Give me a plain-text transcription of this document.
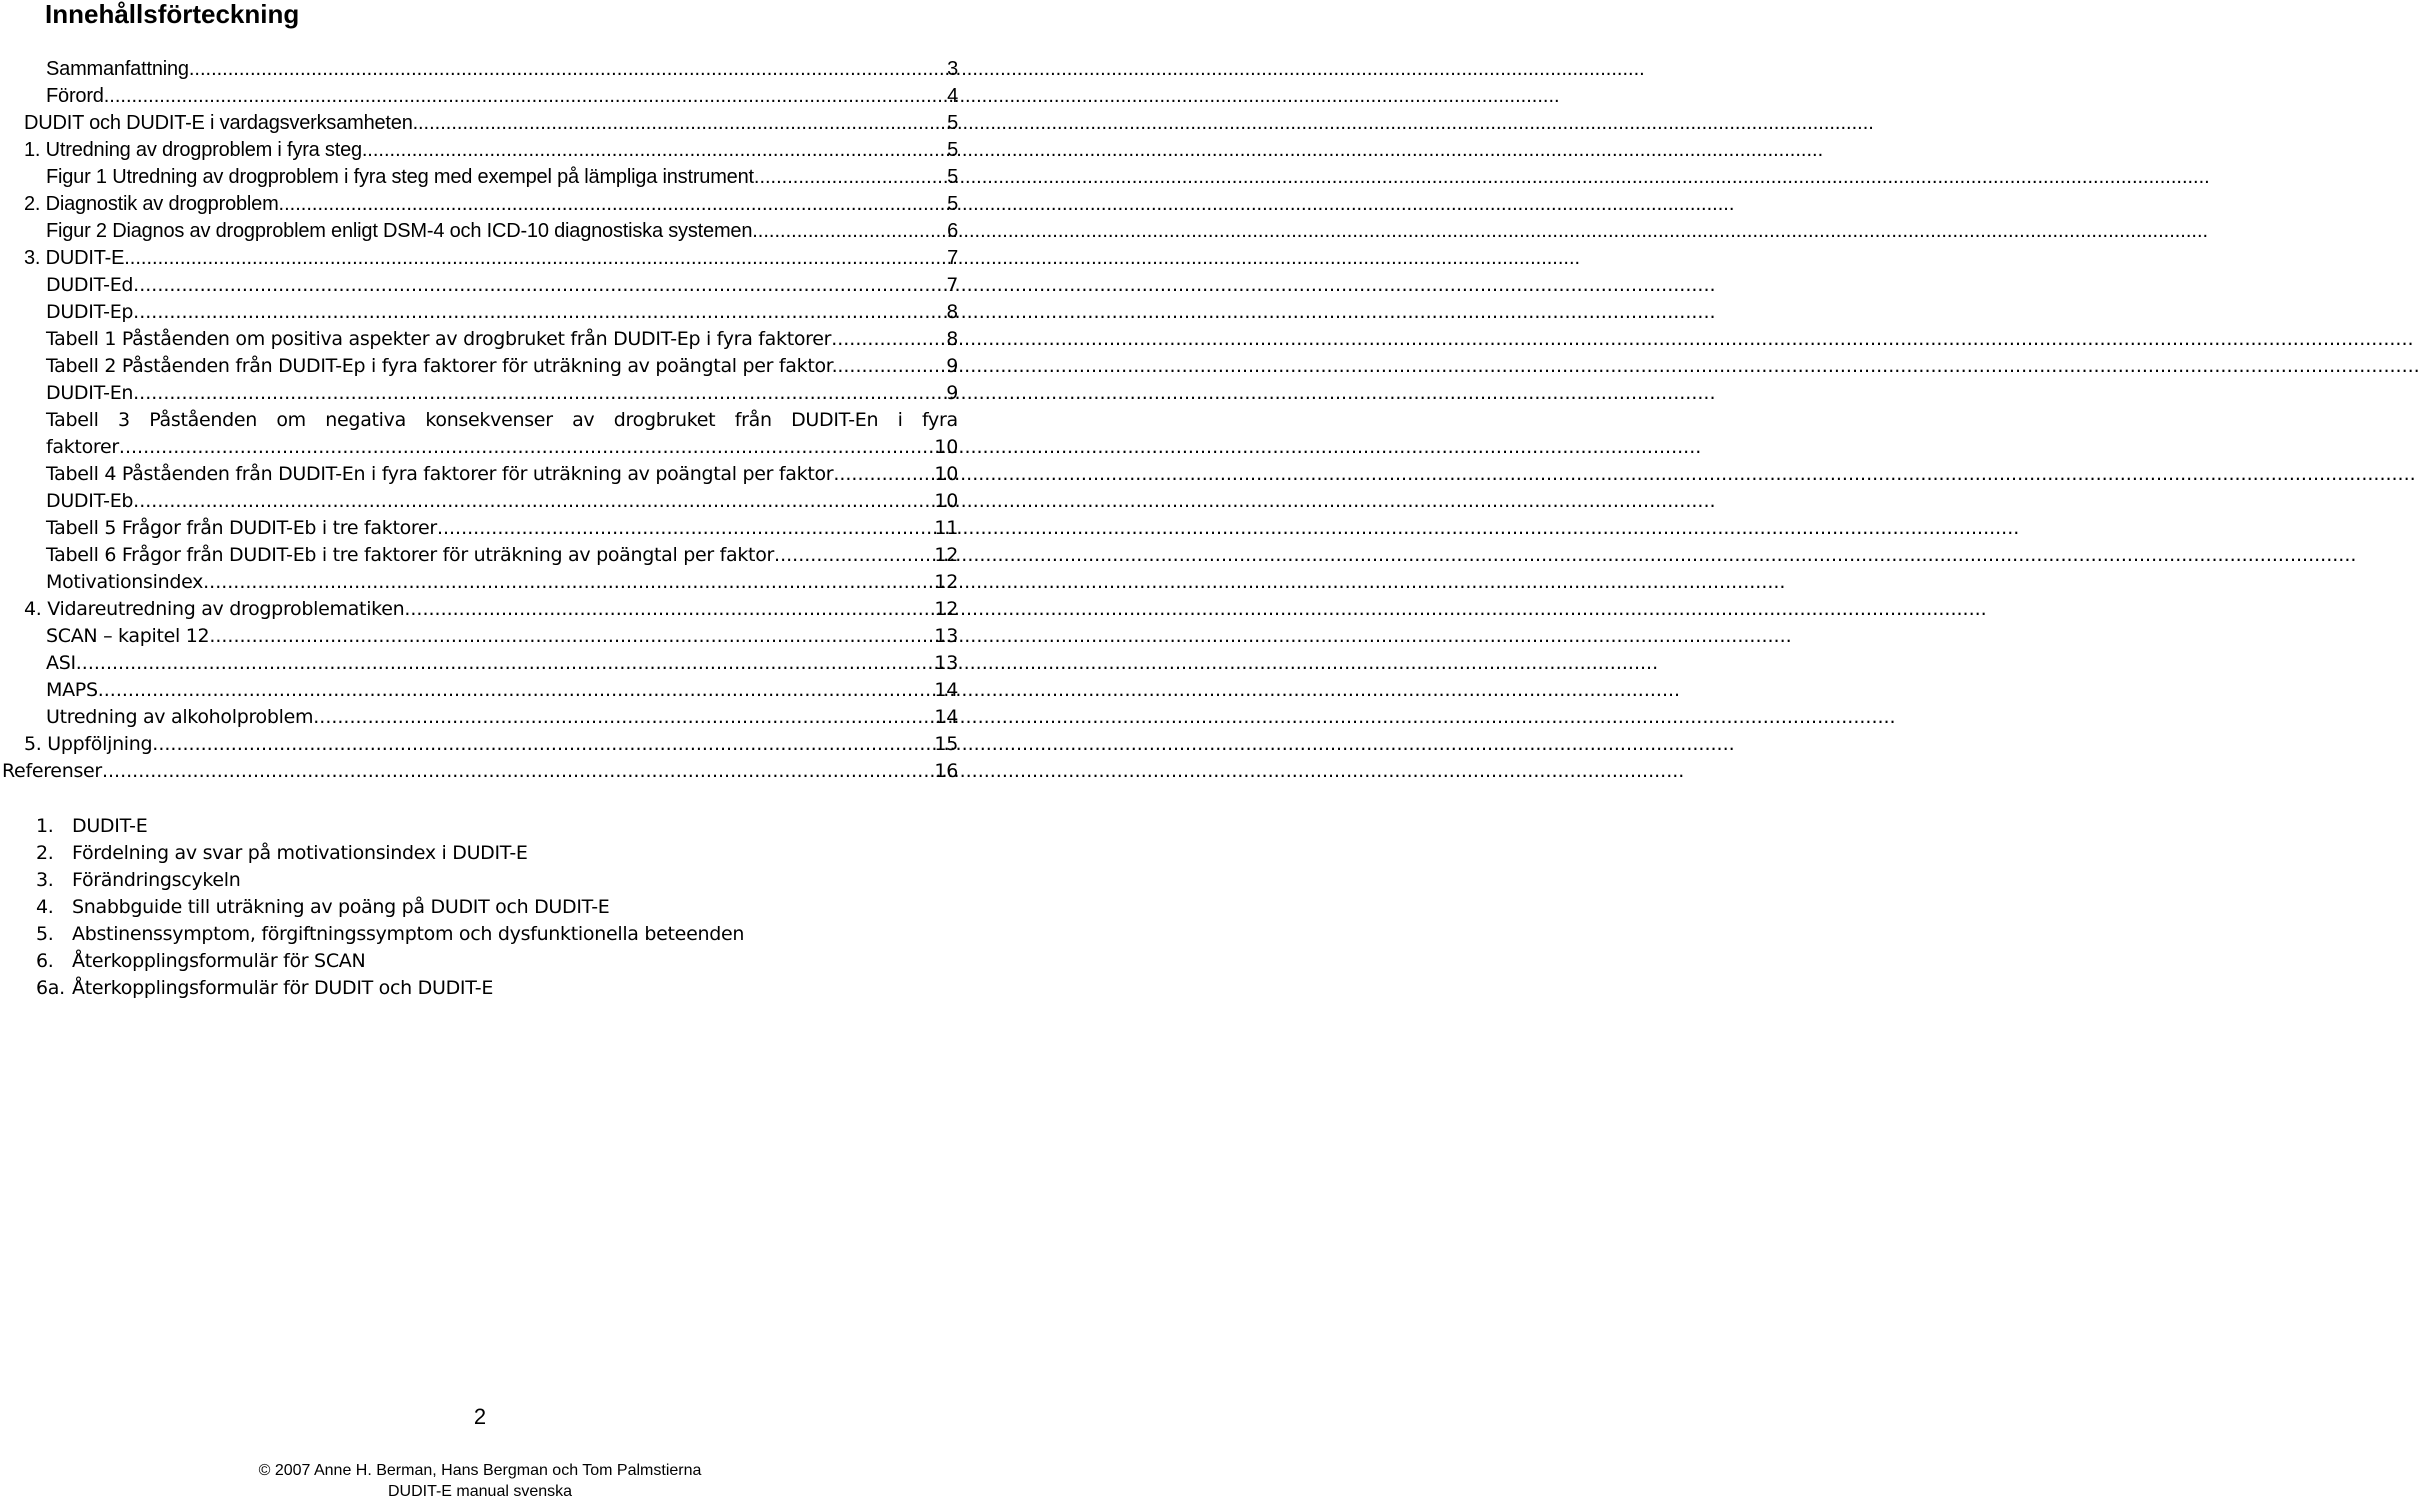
Innehållsförteckning
Sammanfattning .....	3
Förord .....	4
DUDIT och DUDIT-E i vardagsverksamheten. .....	5
1. Utredning av drogproblem i fyra steg. .....	5
Figur 1 Utredning av drogproblem i fyra steg med exempel på lämpliga instrument .....	5
2. Diagnostik av drogproblem .....	5
Figur 2 Diagnos av drogproblem enligt DSM-4 och ICD-10 diagnostiska systemen .....	6
3. DUDIT-E .....	7
DUDIT-Ed .....	7
DUDIT-Ep .....	8
Tabell 1 Påståenden om positiva aspekter av drogbruket från DUDIT-Ep i fyra faktorer .....	8
Tabell 2 Påståenden från DUDIT-Ep i fyra faktorer för uträkning av poängtal per faktor. .....	9
DUDIT-En .....	9
Tabell 3 Påståenden om negativa konsekvenser av drogbruket från DUDIT-En i fyra
faktorer .....	10
Tabell 4 Påståenden från DUDIT-En i fyra faktorer för uträkning av poängtal per faktor .....	10
DUDIT-Eb .....	10
Tabell 5 Frågor från DUDIT-Eb i tre faktorer .....	11
Tabell 6 Frågor från DUDIT-Eb i tre faktorer för uträkning av poängtal per faktor .....	12
Motivationsindex .....	12
4. Vidareutredning av drogproblematiken .....	12
SCAN – kapitel 12 .....	13
ASI .....	13
MAPS .....	14
Utredning av alkoholproblem .....	14
5. Uppföljning .....	15
Referenser .....	16
1. DUDIT-E
2. Fördelning av svar på motivationsindex i DUDIT-E
3. Förändringscykeln
4. Snabbguide till uträkning av poäng på DUDIT och DUDIT-E
5. Abstinenssymptom, förgiftningssymptom och dysfunktionella beteenden
6. Återkopplingsformulär för SCAN
6a. Återkopplingsformulär för DUDIT och DUDIT-E
2
© 2007 Anne H. Berman, Hans Bergman och Tom Palmstierna
DUDIT-E manual svenska
